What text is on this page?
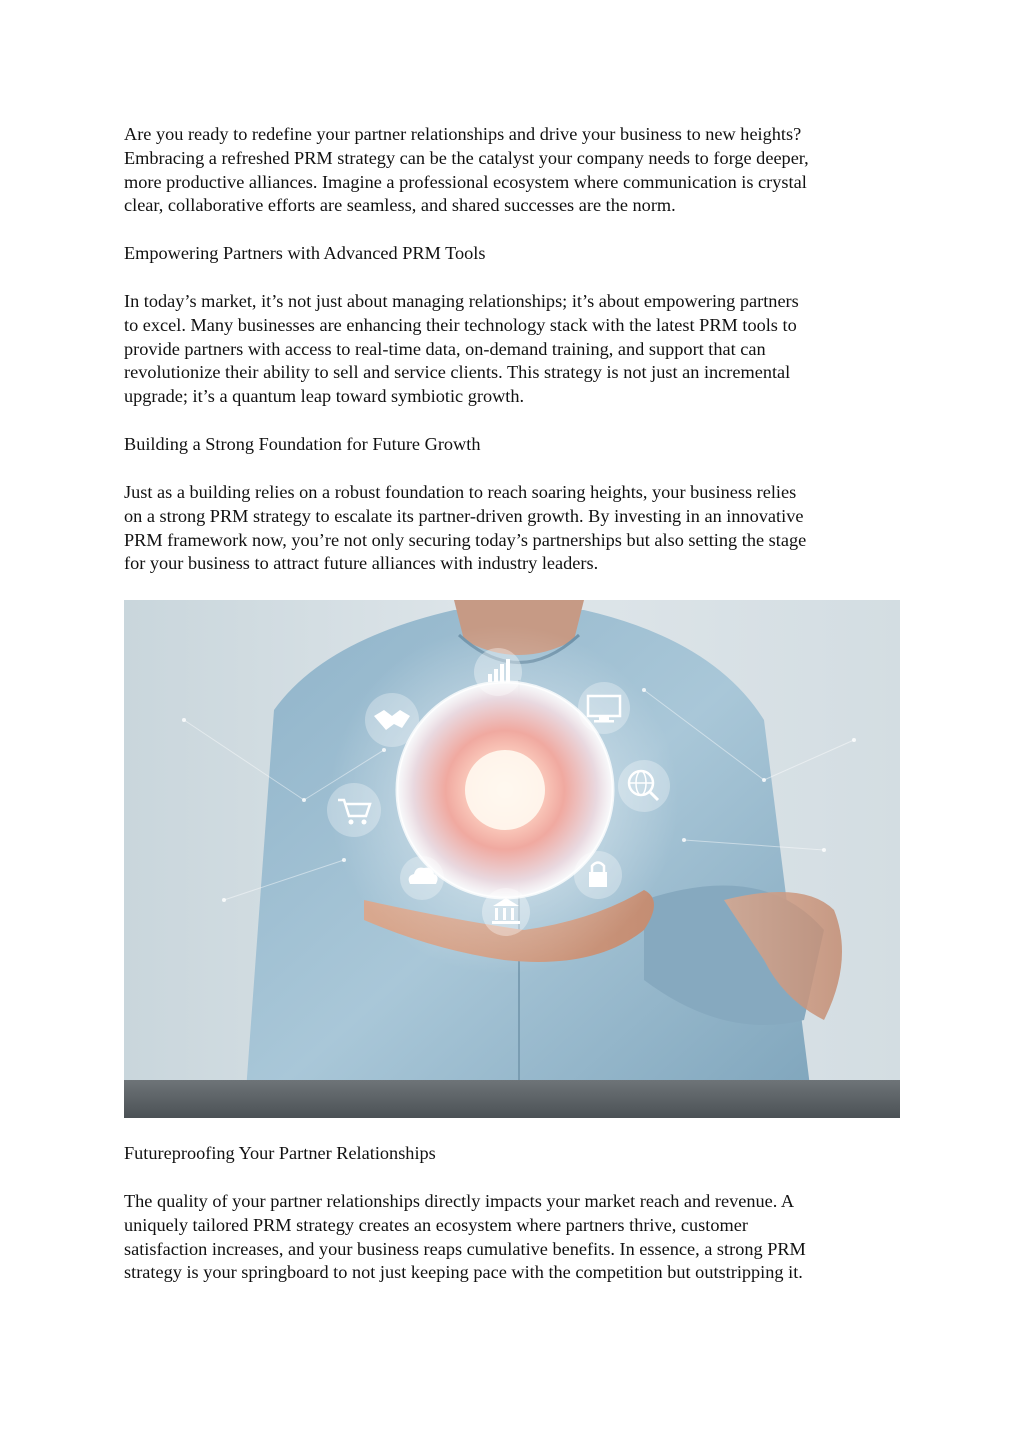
Are you ready to redefine your partner relationships and drive your business to new heights?
Embracing a refreshed PRM strategy can be the catalyst your company needs to forge deeper,
more productive alliances. Imagine a professional ecosystem where communication is crystal
clear, collaborative efforts are seamless, and shared successes are the norm.

Empowering Partners with Advanced PRM Tools

In today’s market, it’s not just about managing relationships; it’s about empowering partners
to excel. Many businesses are enhancing their technology stack with the latest PRM tools to
provide partners with access to real-time data, on-demand training, and support that can
revolutionize their ability to sell and service clients. This strategy is not just an incremental
upgrade; it’s a quantum leap toward symbiotic growth.

Building a Strong Foundation for Future Growth

Just as a building relies on a robust foundation to reach soaring heights, your business relies
on a strong PRM strategy to escalate its partner-driven growth. By investing in an innovative
PRM framework now, you’re not only securing today’s partnerships but also setting the stage
for your business to attract future alliances with industry leaders.

Futureproofing Your Partner Relationships

The quality of your partner relationships directly impacts your market reach and revenue. A
uniquely tailored PRM strategy creates an ecosystem where partners thrive, customer
satisfaction increases, and your business reaps cumulative benefits. In essence, a strong PRM
strategy is your springboard to not just keeping pace with the competition but outstripping it.
